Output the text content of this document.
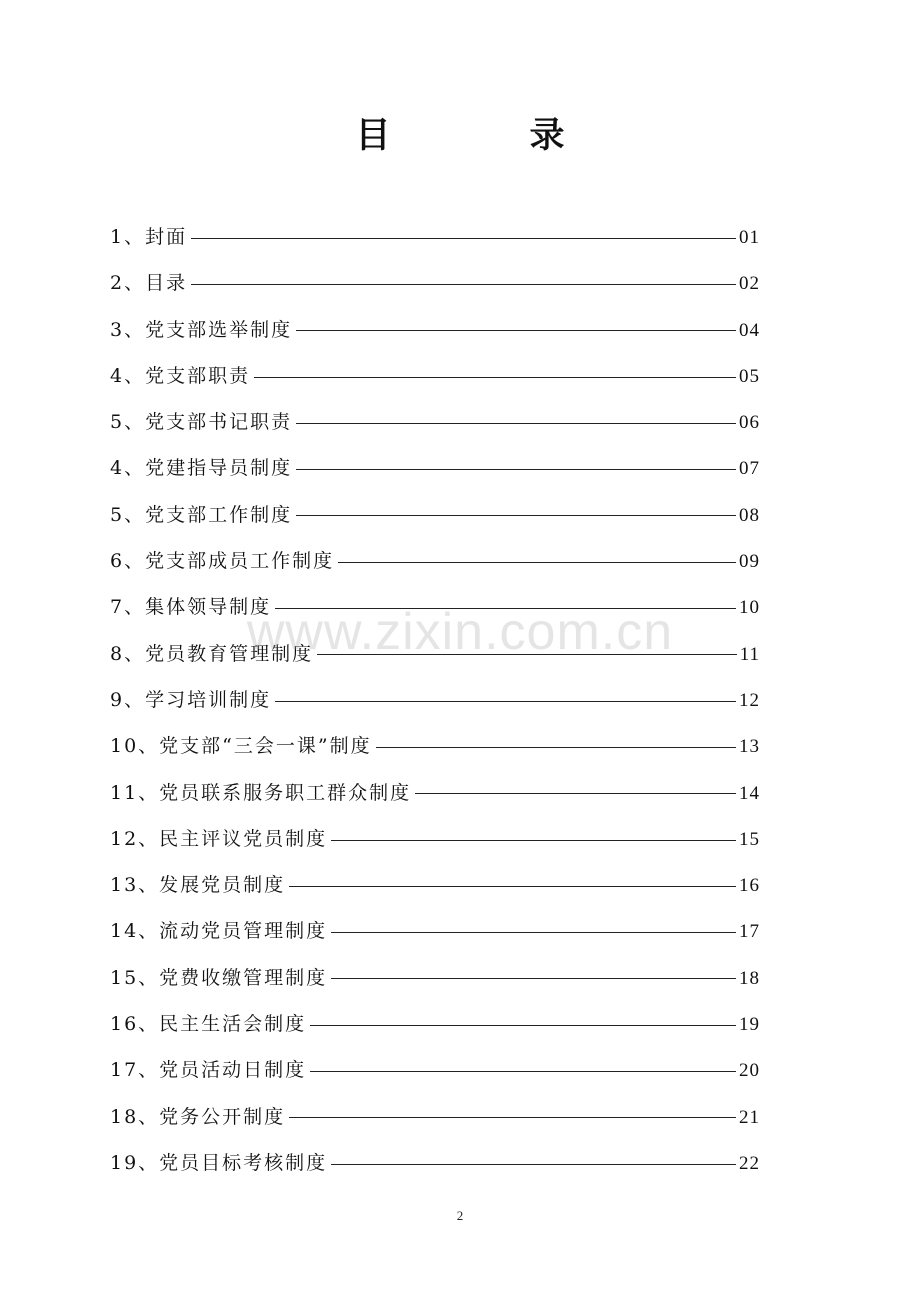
目　录
1、封面	01
2、目录	02
3、党支部选举制度	04
4、党支部职责	05
5、党支部书记职责	06
4、党建指导员制度	07
5、党支部工作制度	08
6、党支部成员工作制度	09
7、集体领导制度	10
8、党员教育管理制度	11
9、学习培训制度	12
10、党支部“三会一课”制度	13
11、党员联系服务职工群众制度	14
12、民主评议党员制度	15
13、发展党员制度	16
14、流动党员管理制度	17
15、党费收缴管理制度	18
16、民主生活会制度	19
17、党员活动日制度	20
18、党务公开制度	21
19、党员目标考核制度	22
www.zixin.com.cn
2
